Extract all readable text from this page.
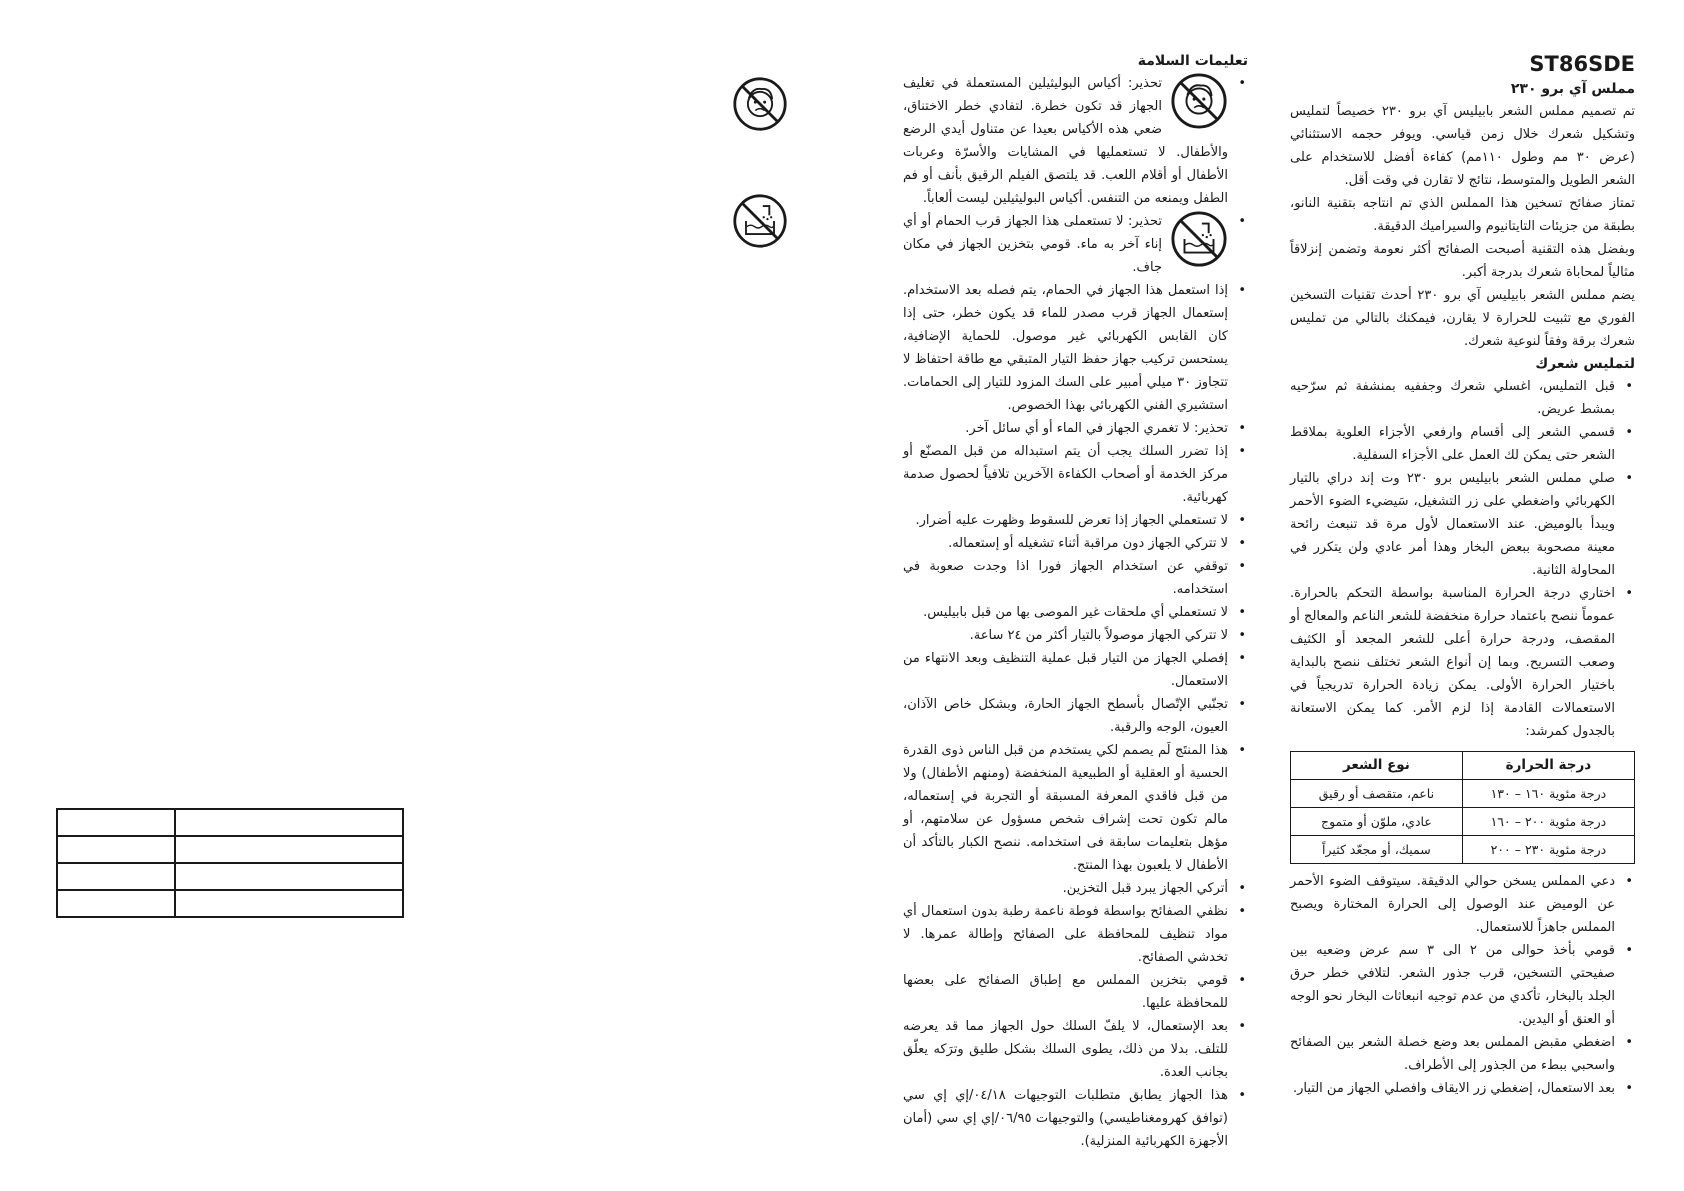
ST86SDE
مملس آي برو ٢٣٠

تم تصميم مملس الشعر بابيليس آي برو ٢٣٠ خصيصاً لتمليس وتشكيل شعرك خلال زمن قياسي. ويوفر حجمه الاستثنائي (عرض ٣٠ مم وطول ١١٠مم) كفاءة أفضل للاستخدام على الشعر الطويل والمتوسط، نتائج لا تقارن في وقت أقل.

تمتاز صفائح تسخين هذا المملس الذي تم انتاجه بتقنية النانو، بطبقة من جزيئات التايتانيوم والسيراميك الدقيقة.

وبفضل هذه التقنية أصبحت الصفائح أكثر نعومة وتضمن إنزلاقاً مثالياً لمحاباة شعرك بدرجة أكبر.

يضم مملس الشعر بابيليس آي برو ٢٣٠ أحدث تقنيات التسخين الفوري مع تثبيت للحرارة لا يقارن، فيمكنك بالتالي من تمليس شعرك برقة وفقاً لنوعية شعرك.

لتمليس شعرك
• قبل التمليس، اغسلي شعرك وجففيه بمنشفة ثم سرّحيه بمشط عريض.
• قسمي الشعر إلى أقسام وارفعي الأجزاء العلوية بملاقط الشعر حتى يمكن لك العمل على الأجزاء السفلية.
• صلي مملس الشعر بابيليس برو ٢٣٠ وت إند دراي بالتيار الكهربائي واضغطي على زر التشغيل، سَيضيء الضوء الأحمر ويبدأ بالوميض. عند الاستعمال لأول مرة قد تنبعث رائحة معينة مصحوبة ببعض البخار وهذا أمر عادي ولن يتكرر في المحاولة الثانية.
• اختاري درجة الحرارة المناسبة بواسطة التحكم بالحرارة. عموماً ننصح باعتماد حرارة منخفضة للشعر الناعم والمعالج أو المقصف، ودرجة حرارة أعلى للشعر المجعد أو الكثيف وصعب التسريح. وبما إن أنواع الشعر تختلف ننصح بالبداية باختيار الحرارة الأولى. يمكن زيادة الحرارة تدريجياً في الاستعمالات القادمة إذا لزم الأمر. كما يمكن الاستعانة بالجدول كمرشد:
درجة الحرارة	نوع الشعر
درجة مئوية ١٦٠ – ١٣٠	ناعم، متقصف أو رقيق
درجة مئوية ٢٠٠ – ١٦٠	عادي، ملوّن أو متموج
درجة مئوية ٢٣٠ – ٢٠٠	سميك، أو مجعّد كثيراً
• دعي المملس يسخن حوالي الدقيقة. سيتوقف الضوء الأحمر عن الوميض عند الوصول إلى الحرارة المختارة ويصبح المملس جاهزاً للاستعمال.
• قومي بأخذ حوالى من ٢ الى ٣ سم عرض وضعيه بين صفيحتي التسخين، قرب جذور الشعر. لتلافي خطر حرق الجلد بالبخار، تأكدي من عدم توجيه انبعاثات البخار نحو الوجه أو العنق أو اليدين.
• اضغطي مقبض المملس بعد وضع خصلة الشعر بين الصفائح واسحبي ببطء من الجذور إلى الأطراف.
• بعد الاستعمال، إضغطي زر الايقاف وافصلي الجهاز من التيار.
تعليمات السلامة
• تحذير: أكياس البوليثيلين المستعملة في تغليف الجهاز قد تكون خطرة. لتفادي خطر الاختناق، ضعي هذه الأكياس بعيدا عن متناول أيدي الرضع والأطفال. لا تستعمليها في المشايات والأسرّة وعربات الأطفال أو أقلام اللعب. قد يلتصق الفيلم الرقيق بأنف أو فم الطفل ويمنعه من التنفس. أكياس البوليثيلين ليست ألعاباً.
• تحذير: لا تستعملى هذا الجهاز قرب الحمام أو أي إناء آخر به ماء. قومي بتخزين الجهاز في مكان جاف.
• إذا استعمل هذا الجهاز في الحمام، يتم فصله بعد الاستخدام. إستعمال الجهاز قرب مصدر للماء قد يكون خطر، حتى إذا كان القابس الكهربائي غير موصول. للحماية الإضافية، يستحسن تركيب جهاز حفظ التيار المتبقي مع طاقة احتفاظ لا تتجاوز ٣٠ ميلي أمبير على السك المزود للتيار إلى الحمامات. استشيري الفني الكهربائي بهذا الخصوص.
• تحذير: لا تغمري الجهاز في الماء أو أي سائل آخر.
• إذا تضرر السلك يجب أن يتم استبداله من قبل المصنّع أو مركز الخدمة أو أصحاب الكفاءة الآخرين تلافياً لحصول صدمة كهربائية.
• لا تستعملي الجهاز إذا تعرض للسقوط وظهرت عليه أضرار.
• لا تتركي الجهاز دون مراقبة أثناء تشغيله أو إستعماله.
• توقفي عن استخدام الجهاز فورا اذا وجدت صعوبة في استخدامه.
• لا تستعملي أي ملحقات غير الموصى بها من قبل بابيليس.
• لا تتركي الجهاز موصولاً بالتيار أكثر من ٢٤ ساعة.
• إفصلي الجهاز من التيار قبل عملية التنظيف وبعد الانتهاء من الاستعمال.
• تجنّبي الإتّصال بأسطح الجهاز الحارة، وبشكل خاص الآذان، العيون، الوجه والرقبة.
• هذا المنتَج لَم يصمم لكي يستخدم من قبل الناس ذوى القدرة الحسية أو العقلية أو الطبيعية المنخفضة (ومنهم الأطفال) ولا من قبل فاقدي المعرفة المسبقة أو التجربة في إستعماله، مالم تكون تحت إشراف شخص مسؤول عن سلامتهم، أو مؤهل بتعليمات سابقة فى استخدامه. ننصح الكبار بالتأكد أن الأطفال لا يلعبون بهذا المنتج.
• أتركي الجهاز يبرد قبل التخزين.
• نظفي الصفائح بواسطة فوطة ناعمة رطبة بدون استعمال أي مواد تنظيف للمحافظة على الصفائح وإطالة عمرها. لا تخدشي الصفائح.
• قومي بتخزين المملس مع إطباق الصفائح على بعضها للمحافظة عليها.
• بعد الإستعمال، لا يلفّ السلك حول الجهاز مما قد يعرضه للتلف. بدلا من ذلك، يطوى السلك بشكل طليق وترَكه يعلّق بجانب العدة.
• هذا الجهاز يطابق متطلبات التوجيهات ٠٤/١٨/إي إي سي (توافق كهرومغناطيسي) والتوجيهات ٠٦/٩٥/إي إي سي (أمان الأجهزة الكهربائية المنزلية).
